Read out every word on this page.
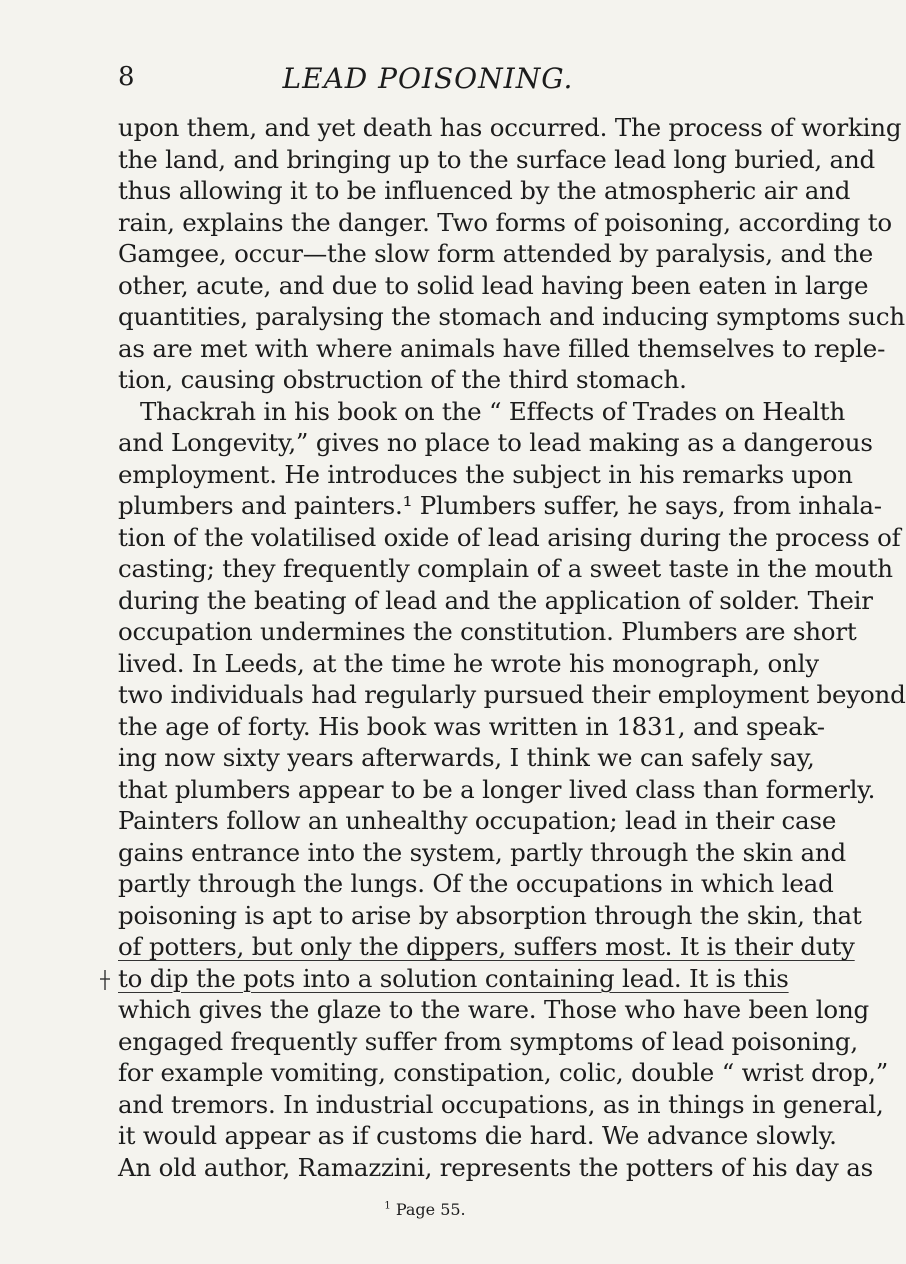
8	LEAD POISONING.
upon them, and yet death has occurred. The process of working
the land, and bringing up to the surface lead long buried, and
thus allowing it to be influenced by the atmospheric air and
rain, explains the danger. Two forms of poisoning, according to
Gamgee, occur—the slow form attended by paralysis, and the
other, acute, and due to solid lead having been eaten in large
quantities, paralysing the stomach and inducing symptoms such
as are met with where animals have filled themselves to reple-
tion, causing obstruction of the third stomach.
Thackrah in his book on the “ Effects of Trades on Health
and Longevity,” gives no place to lead making as a dangerous
employment. He introduces the subject in his remarks upon
plumbers and painters.¹ Plumbers suffer, he says, from inhala-
tion of the volatilised oxide of lead arising during the process of
casting; they frequently complain of a sweet taste in the mouth
during the beating of lead and the application of solder. Their
occupation undermines the constitution. Plumbers are short
lived. In Leeds, at the time he wrote his monograph, only
two individuals had regularly pursued their employment beyond
the age of forty. His book was written in 1831, and speak-
ing now sixty years afterwards, I think we can safely say,
that plumbers appear to be a longer lived class than formerly.
Painters follow an unhealthy occupation; lead in their case
gains entrance into the system, partly through the skin and
partly through the lungs. Of the occupations in which lead
poisoning is apt to arise by absorption through the skin, that
of potters, but only the dippers, suffers most. It is their duty
to dip the pots into a solution containing lead. It is this
which gives the glaze to the ware. Those who have been long
engaged frequently suffer from symptoms of lead poisoning,
for example vomiting, constipation, colic, double “ wrist drop,”
and tremors. In industrial occupations, as in things in general,
it would appear as if customs die hard. We advance slowly.
An old author, Ramazzini, represents the potters of his day as
$^1$ Page 55.
